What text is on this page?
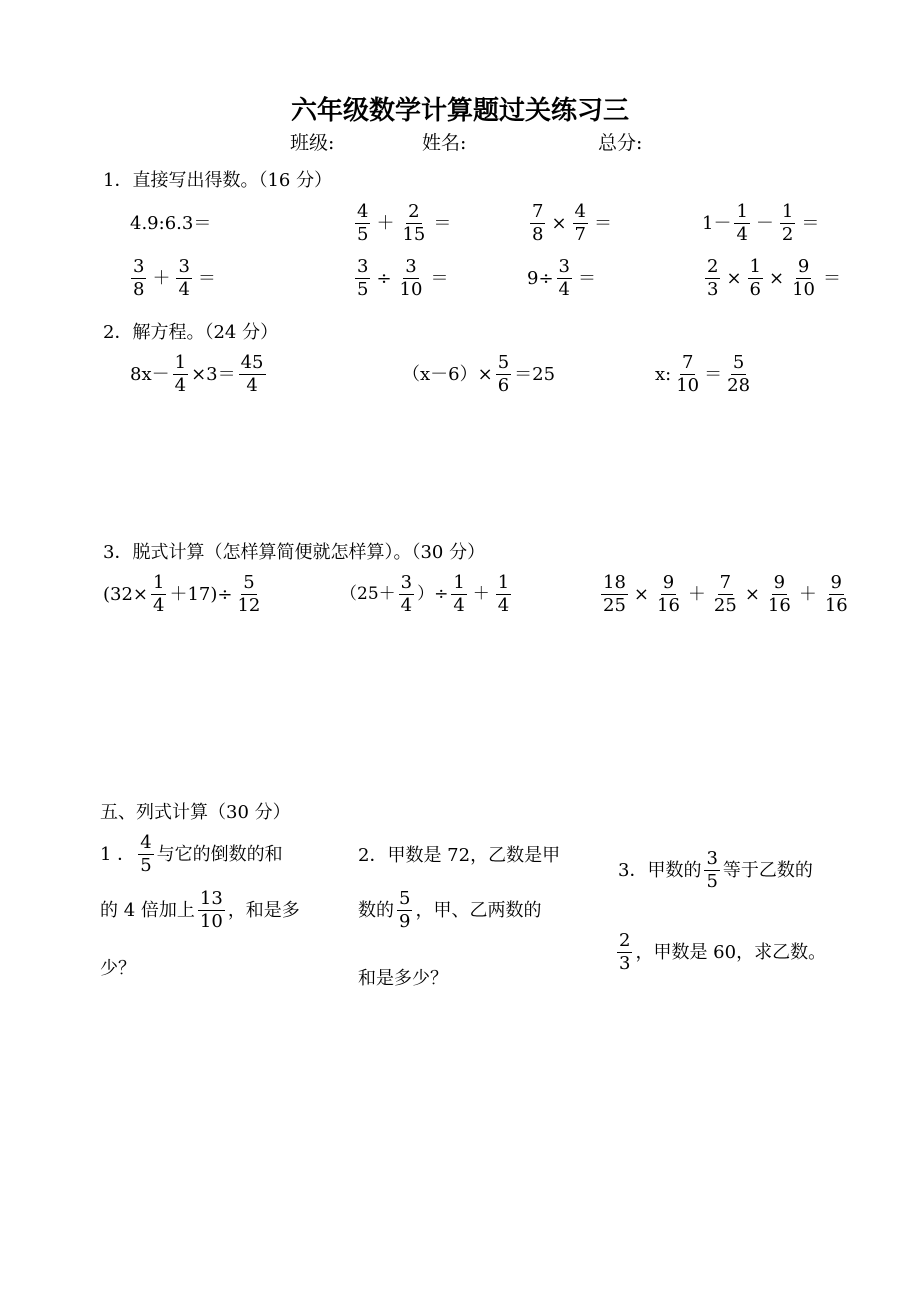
六年级数学计算题过关练习三
班级:	姓名:	总分:
1．直接写出得数。（16 分）
4.9:6.3＝	$\frac{4}{5} + \frac{2}{15}$ ＝	$\frac{7}{8} \times \frac{4}{7}$ ＝	$1- \frac{1}{4} - \frac{1}{2}$ ＝
$\frac{3}{8} + \frac{3}{4}$ ＝	$\frac{3}{5} \div \frac{3}{10}$ ＝	$9\div \frac{3}{4}$ ＝	$\frac{2}{3} \times \frac{1}{6} \times \frac{9}{10}$ ＝
2．解方程。（24 分）
$8x- \frac{1}{4} \times 3= \frac{45}{4}$	$(x-6)\times \frac{5}{6} =25$	x: $\frac{7}{10} = \frac{5}{28}$
3．脱式计算（怎样算简便就怎样算）。（30 分）
$(32\times \frac{1}{4} +17)\div \frac{5}{12}$	（$25+ \frac{3}{4}$ ）÷ $\frac{1}{4} + \frac{1}{4}$	$\frac{18}{25} \times \frac{9}{16} + \frac{7}{25} \times \frac{9}{16} + \frac{9}{16}$
五、列式计算（30 分）
1 ． $\frac{4}{5}$ 与它的倒数的和
的 4 倍加上 $\frac{13}{10}$ ，和是多
少？
2．甲数是 72，乙数是甲
数的 $\frac{5}{9}$ ，甲、乙两数的
和是多少？
3．甲数的 $\frac{3}{5}$ 等于乙数的
$\frac{2}{3}$ ，甲数是 60，求乙数。
